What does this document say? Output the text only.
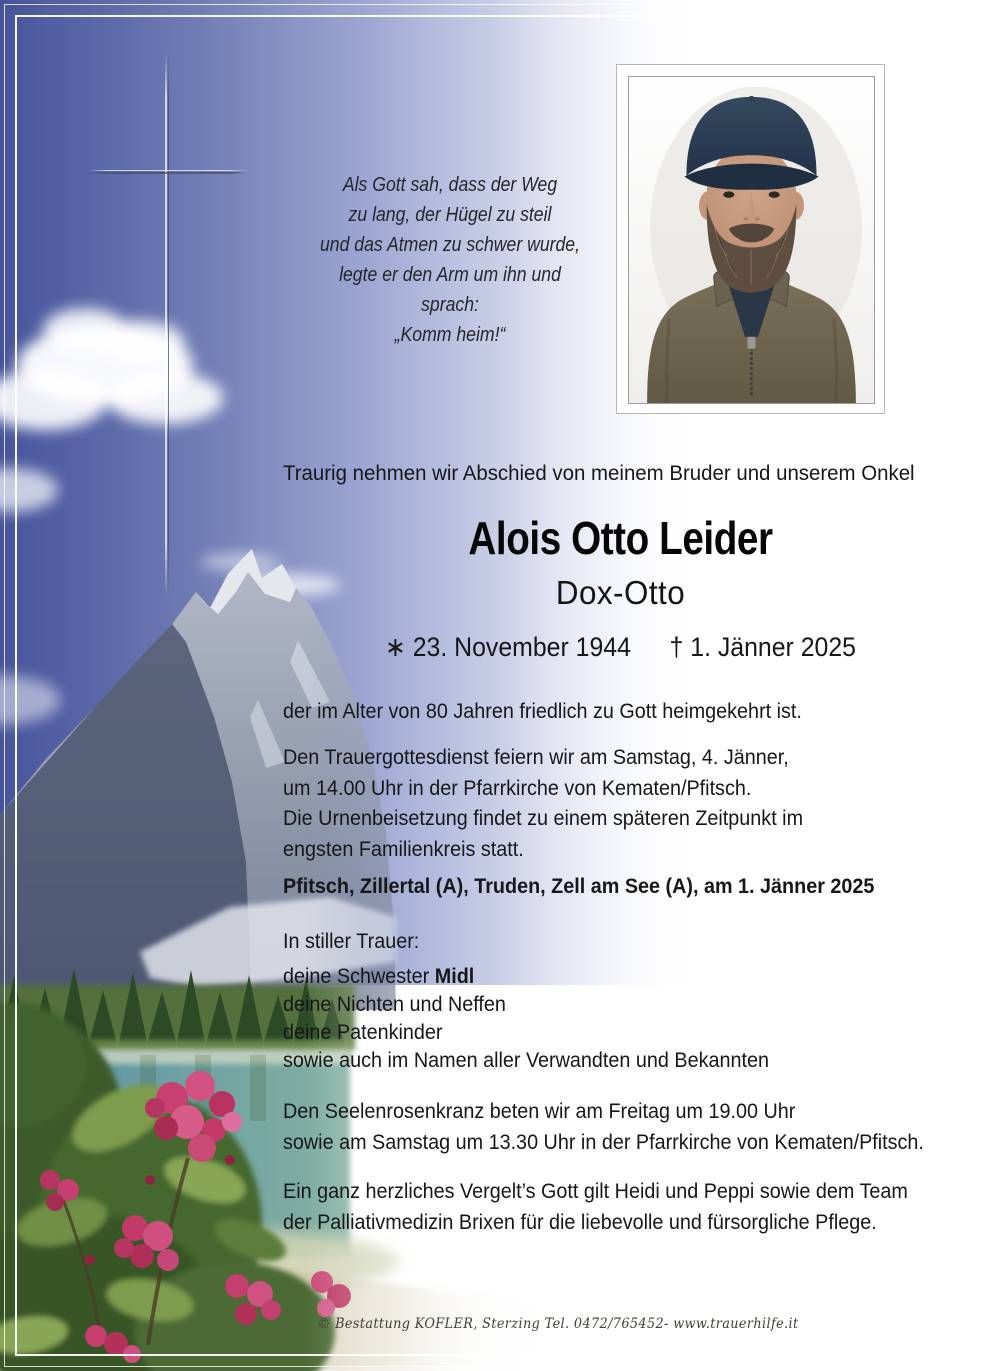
Als Gott sah, dass der Weg
zu lang, der Hügel zu steil
und das Atmen zu schwer wurde,
legte er den Arm um ihn und sprach:
„Komm heim!“
Traurig nehmen wir Abschied von meinem Bruder und unserem Onkel
Alois Otto Leider
Dox-Otto
∗ 23. November 1944 † 1. Jänner 2025
der im Alter von 80 Jahren friedlich zu Gott heimgekehrt ist.
Den Trauergottesdienst feiern wir am Samstag, 4. Jänner,
um 14.00 Uhr in der Pfarrkirche von Kematen/Pfitsch.
Die Urnenbeisetzung findet zu einem späteren Zeitpunkt im
engsten Familienkreis statt.
Pfitsch, Zillertal (A), Truden, Zell am See (A), am 1. Jänner 2025
In stiller Trauer:
deine Schwester Midl
deine Nichten und Neffen
deine Patenkinder
sowie auch im Namen aller Verwandten und Bekannten
Den Seelenrosenkranz beten wir am Freitag um 19.00 Uhr
sowie am Samstag um 13.30 Uhr in der Pfarrkirche von Kematen/Pfitsch.
Ein ganz herzliches Vergelt’s Gott gilt Heidi und Peppi sowie dem Team
der Palliativmedizin Brixen für die liebevolle und fürsorgliche Pflege.
© Bestattung KOFLER, Sterzing Tel. 0472/765452- www.trauerhilfe.it
